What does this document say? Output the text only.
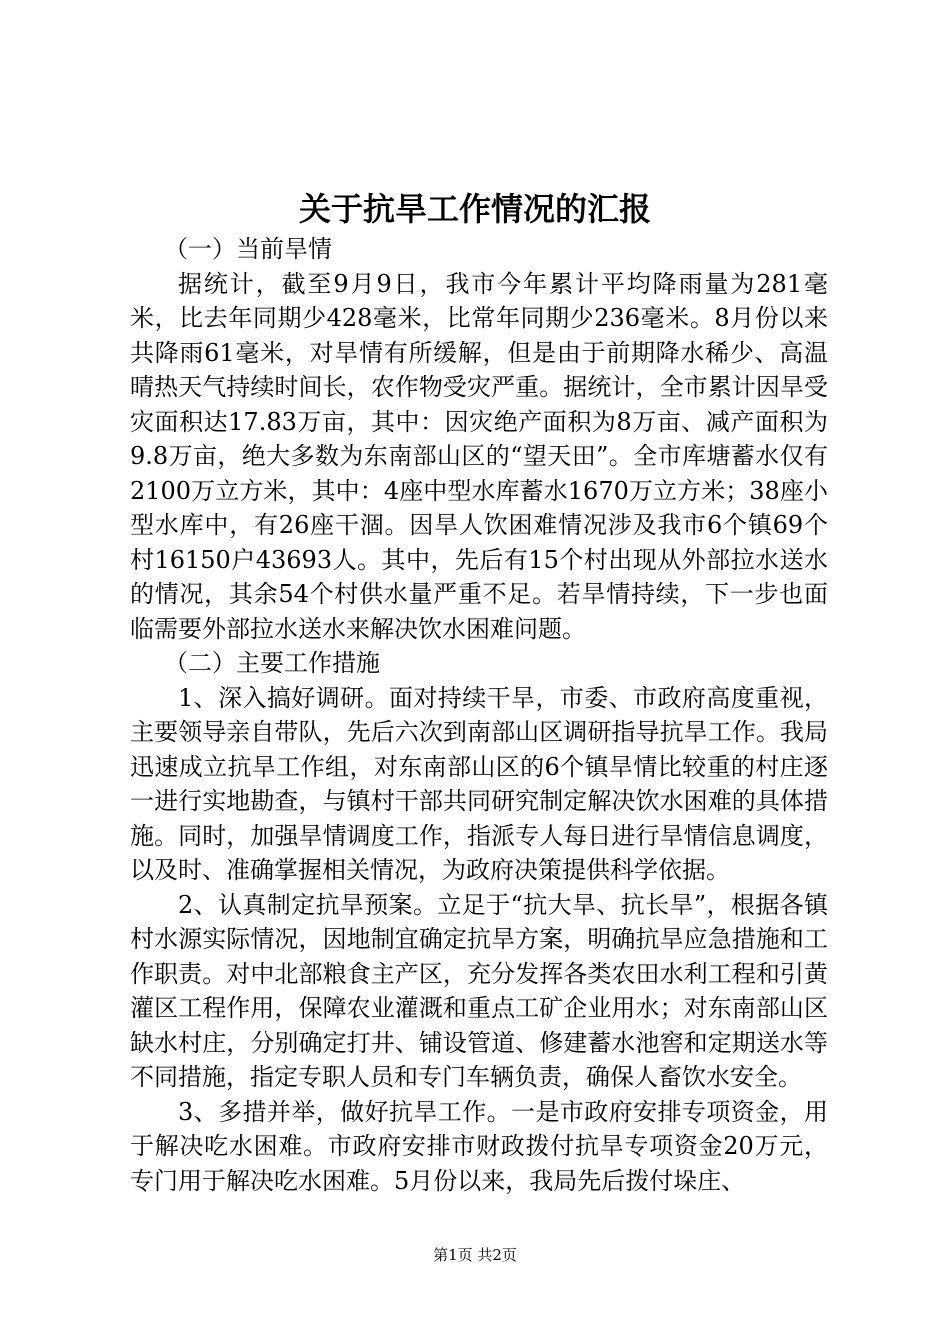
关于抗旱工作情况的汇报

（一）当前旱情

据统计，截至9月9日，我市今年累计平均降雨量为281毫米，比去年同期少428毫米，比常年同期少236毫米。8月份以来共降雨61毫米，对旱情有所缓解，但是由于前期降水稀少、高温晴热天气持续时间长，农作物受灾严重。据统计，全市累计因旱受灾面积达17.83万亩，其中：因灾绝产面积为8万亩、减产面积为9.8万亩，绝大多数为东南部山区的“望天田”。全市库塘蓄水仅有2100万立方米，其中：4座中型水库蓄水1670万立方米；38座小型水库中，有26座干涸。因旱人饮困难情况涉及我市6个镇69个村16150户43693人。其中，先后有15个村出现从外部拉水送水的情况，其余54个村供水量严重不足。若旱情持续，下一步也面临需要外部拉水送水来解决饮水困难问题。

（二）主要工作措施

1、深入搞好调研。面对持续干旱，市委、市政府高度重视，主要领导亲自带队，先后六次到南部山区调研指导抗旱工作。我局迅速成立抗旱工作组，对东南部山区的6个镇旱情比较重的村庄逐一进行实地勘查，与镇村干部共同研究制定解决饮水困难的具体措施。同时，加强旱情调度工作，指派专人每日进行旱情信息调度，以及时、准确掌握相关情况，为政府决策提供科学依据。

2、认真制定抗旱预案。立足于“抗大旱、抗长旱”，根据各镇村水源实际情况，因地制宜确定抗旱方案，明确抗旱应急措施和工作职责。对中北部粮食主产区，充分发挥各类农田水利工程和引黄灌区工程作用，保障农业灌溉和重点工矿企业用水；对东南部山区缺水村庄，分别确定打井、铺设管道、修建蓄水池窖和定期送水等不同措施，指定专职人员和专门车辆负责，确保人畜饮水安全。

3、多措并举，做好抗旱工作。一是市政府安排专项资金，用于解决吃水困难。市政府安排市财政拨付抗旱专项资金20万元，专门用于解决吃水困难。5月份以来，我局先后拨付垛庄、

第1页 共2页
